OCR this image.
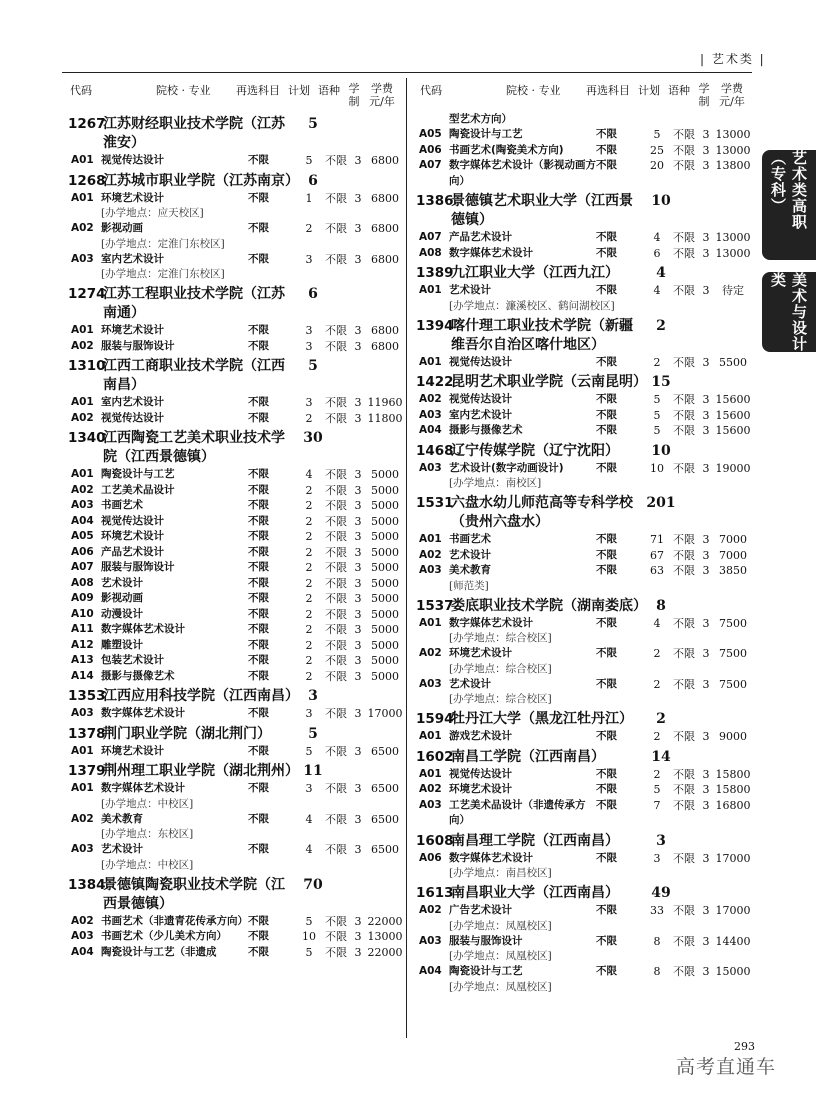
| 艺术类 |
代码	院校 · 专业 再选科目 计划 语种 学制
学费 元/年
代码	院校 · 专业 再选科目 计划 语种 学制
学费 元/年
1267
江苏财经职业技术学院（江苏淮安）
5
A01 视觉传达设计	不限	5	不限 3 6800
1268
江苏城市职业学院（江苏南京） 6
A01 环境艺术设计	不限	1	不限 3 6800
[办学地点：应天校区]
A02 影视动画	不限	2	不限 3 6800
[办学地点：定淮门东校区]
A03 室内艺术设计	不限	3	不限 3 6800
[办学地点：定淮门东校区]
1274
江苏工程职业技术学院（江苏南通）
6
A01 环境艺术设计	不限	3	不限 3 6800
A02 服装与服饰设计	不限	3	不限 3 6800
1310
江西工商职业技术学院（江西南昌）
5
A01 室内艺术设计	不限	3	不限 3 11960
A02 视觉传达设计	不限	2	不限 3 11800
1340
江西陶瓷工艺美术职业技术学院（江西景德镇）
30
A01 陶瓷设计与工艺	不限	4	不限 3 5000
A02 工艺美术品设计	不限	2	不限 3 5000
A03 书画艺术	不限	2	不限 3 5000
A04 视觉传达设计	不限	2	不限 3 5000
A05 环境艺术设计	不限	2	不限 3 5000
A06 产品艺术设计	不限	2	不限 3 5000
A07 服装与服饰设计	不限	2	不限 3 5000
A08 艺术设计	不限	2	不限 3 5000
A09 影视动画	不限	2	不限 3 5000
A10 动漫设计	不限	2	不限 3 5000
A11 数字媒体艺术设计	不限	2	不限 3 5000
A12 雕塑设计	不限	2	不限 3 5000
A13 包装艺术设计	不限	2	不限 3 5000
A14 摄影与摄像艺术	不限	2	不限 3 5000
1353
江西应用科技学院（江西南昌） 3
A03 数字媒体艺术设计	不限	3	不限 3 17000
1378
荆门职业学院（湖北荆门）	5
A01 环境艺术设计	不限	5	不限 3 6500
1379
荆州理工职业学院（湖北荆州） 11
A01 数字媒体艺术设计	不限	3	不限 3 6500
[办学地点：中校区]
A02 美术教育	不限	4	不限 3 6500
[办学地点：东校区]
A03 艺术设计	不限	4	不限 3 6500
[办学地点：中校区]
1384
景德镇陶瓷职业技术学院（江西景德镇）
70
A02 书画艺术（非遗青花传承方向） 不限	5	不限 3 22000
A03 书画艺术（少儿美术方向）	不限	10 不限 3 13000
A04 陶瓷设计与工艺（非遗成	不限	5	不限 3 22000
型艺术方向）
A05 陶瓷设计与工艺	不限	5	不限 3 13000
A06 书画艺术(陶瓷美术方向)	不限	25 不限 3 13000
A07 数字媒体艺术设计（影视动画方向）
不限	20 不限 3 13800
1386
景德镇艺术职业大学（江西景德镇）
10
A07 产品艺术设计	不限	4	不限 3 13000
A08 数字媒体艺术设计	不限	6	不限 3 13000
1389
九江职业大学（江西九江）	4
A01 艺术设计	不限	4	不限 3	待定
[办学地点：濂溪校区、鹤问湖校区]
1394
喀什理工职业技术学院（新疆维吾尔自治区喀什地区）
2
A01 视觉传达设计	不限	2	不限 3 5500
1422
昆明艺术职业学院（云南昆明） 15
A02 视觉传达设计	不限	5	不限 3 15600
A03 室内艺术设计	不限	5	不限 3 15600
A04 摄影与摄像艺术	不限	5	不限 3 15600
1468
辽宁传媒学院（辽宁沈阳）	10
A03 艺术设计(数字动画设计)	不限	10 不限 3 19000
[办学地点：南校区]
1531
六盘水幼儿师范高等专科学校（贵州六盘水）
201
A01 书画艺术	不限	71 不限 3 7000
A02 艺术设计	不限	67 不限 3 7000
A03 美术教育	不限	63 不限 3 3850
[师范类]
1537
娄底职业技术学院（湖南娄底） 8
A01 数字媒体艺术设计	不限	4	不限 3 7500
[办学地点：综合校区]
A02 环境艺术设计	不限	2	不限 3 7500
[办学地点：综合校区]
A03 艺术设计	不限	2	不限 3 7500
[办学地点：综合校区]
1594
牡丹江大学（黑龙江牡丹江）	2
A01 游戏艺术设计	不限	2	不限 3 9000
1602
南昌工学院（江西南昌）	14
A01 视觉传达设计	不限	2	不限 3 15800
A02 环境艺术设计	不限	5	不限 3 15800
A03 工艺美术品设计（非遗传承方向）
不限	7	不限 3 16800
1608
南昌理工学院（江西南昌）	3
A06 数字媒体艺术设计	不限	3	不限 3 17000
[办学地点：南昌校区]
1613
南昌职业大学（江西南昌）	49
A02 广告艺术设计	不限	33 不限 3 17000
[办学地点：凤凰校区]
A03 服装与服饰设计	不限	8	不限 3 14400
[办学地点：凤凰校区]
A04 陶瓷设计与工艺	不限	8	不限 3 15000
[办学地点：凤凰校区]
艺术类高职（专科）
美术与设计类
293
高考直通车
